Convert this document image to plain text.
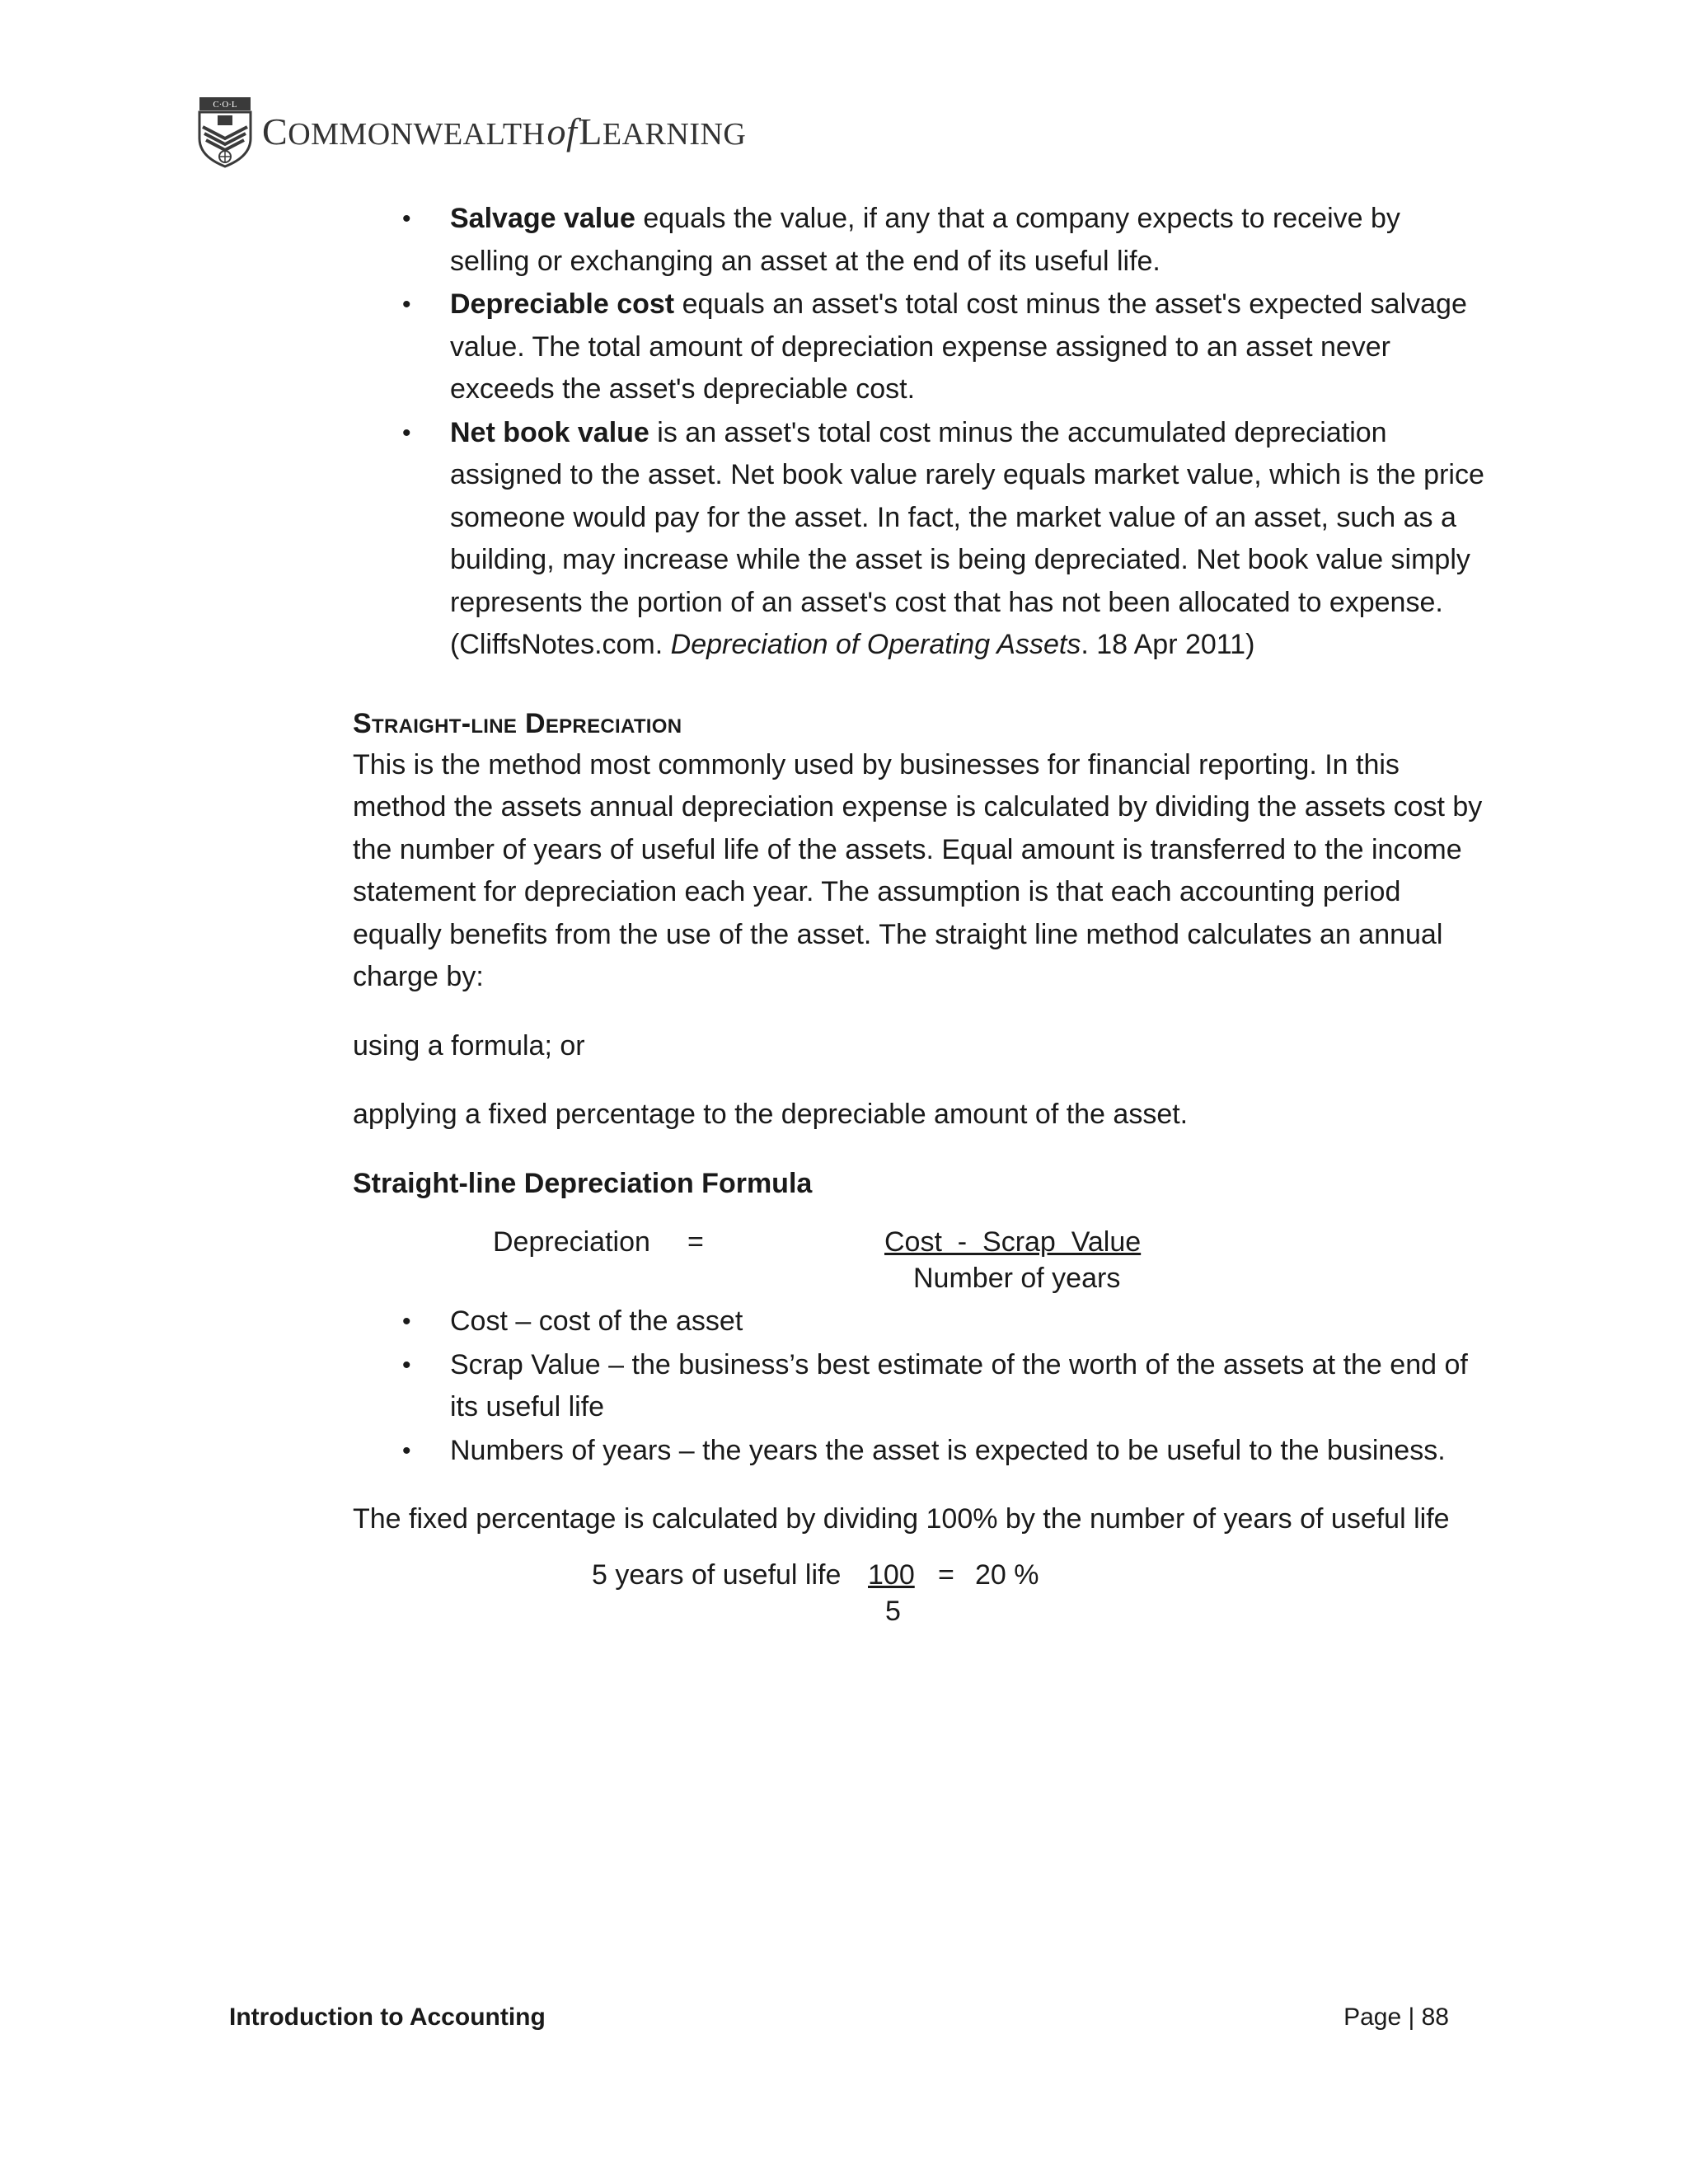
C·O·L
COMMONWEALTHofLEARNING
• Salvage value equals the value, if any that a company expects to receive by selling or exchanging an asset at the end of its useful life.
• Depreciable cost equals an asset's total cost minus the asset's expected salvage value. The total amount of depreciation expense assigned to an asset never exceeds the asset's depreciable cost.
• Net book value is an asset's total cost minus the accumulated depreciation assigned to the asset. Net book value rarely equals market value, which is the price someone would pay for the asset. In fact, the market value of an asset, such as a building, may increase while the asset is being depreciated. Net book value simply represents the portion of an asset's cost that has not been allocated to expense. (CliffsNotes.com. Depreciation of Operating Assets. 18 Apr 2011)
Straight-line Depreciation

This is the method most commonly used by businesses for financial reporting. In this method the assets annual depreciation expense is calculated by dividing the assets cost by the number of years of useful life of the assets. Equal amount is transferred to the income statement for depreciation each year. The assumption is that each accounting period equally benefits from the use of the asset. The straight line method calculates an annual charge by:

using a formula; or

applying a fixed percentage to the depreciable amount of the asset.

Straight-line Depreciation Formula

Depreciation =	Cost  -  Scrap  Value
Number of years
• Cost – cost of the asset
• Scrap Value – the business’s best estimate of the worth of the assets at the end of its useful life
• Numbers of years – the years the asset is expected to be useful to the business.

The fixed percentage is calculated by dividing 100% by the number of years of useful life

5 years of useful life 100 = 20 %
5
Introduction to Accounting	Page | 88
